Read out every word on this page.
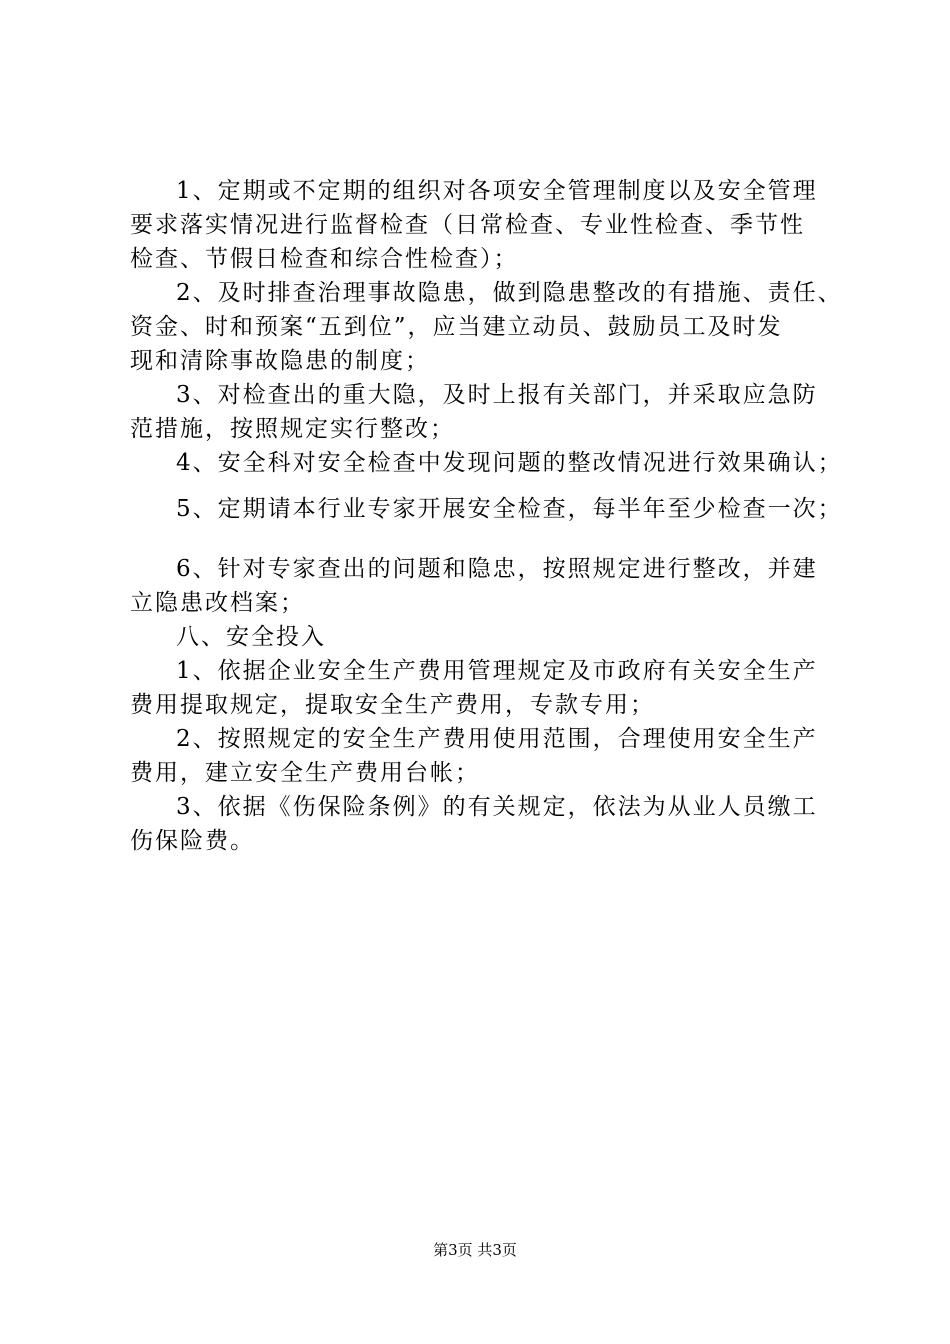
1、定期或不定期的组织对各项安全管理制度以及安全管理
要求落实情况进行监督检查（日常检查、专业性检查、季节性
检查、节假日检查和综合性检查）；
2、及时排查治理事故隐患，做到隐患整改的有措施、责任、
资金、时和预案“五到位”，应当建立动员、鼓励员工及时发
现和清除事故隐患的制度；
3、对检查出的重大隐，及时上报有关部门，并采取应急防
范措施，按照规定实行整改；
4、安全科对安全检查中发现问题的整改情况进行效果确认；
5、定期请本行业专家开展安全检查，每半年至少检查一次；
6、针对专家查出的问题和隐忠，按照规定进行整改，并建
立隐患改档案；
八、安全投入
1、依据企业安全生产费用管理规定及市政府有关安全生产
费用提取规定，提取安全生产费用，专款专用；
2、按照规定的安全生产费用使用范围，合理使用安全生产
费用，建立安全生产费用台帐；
3、依据《伤保险条例》的有关规定，依法为从业人员缴工
伤保险费。
第3页 共3页
